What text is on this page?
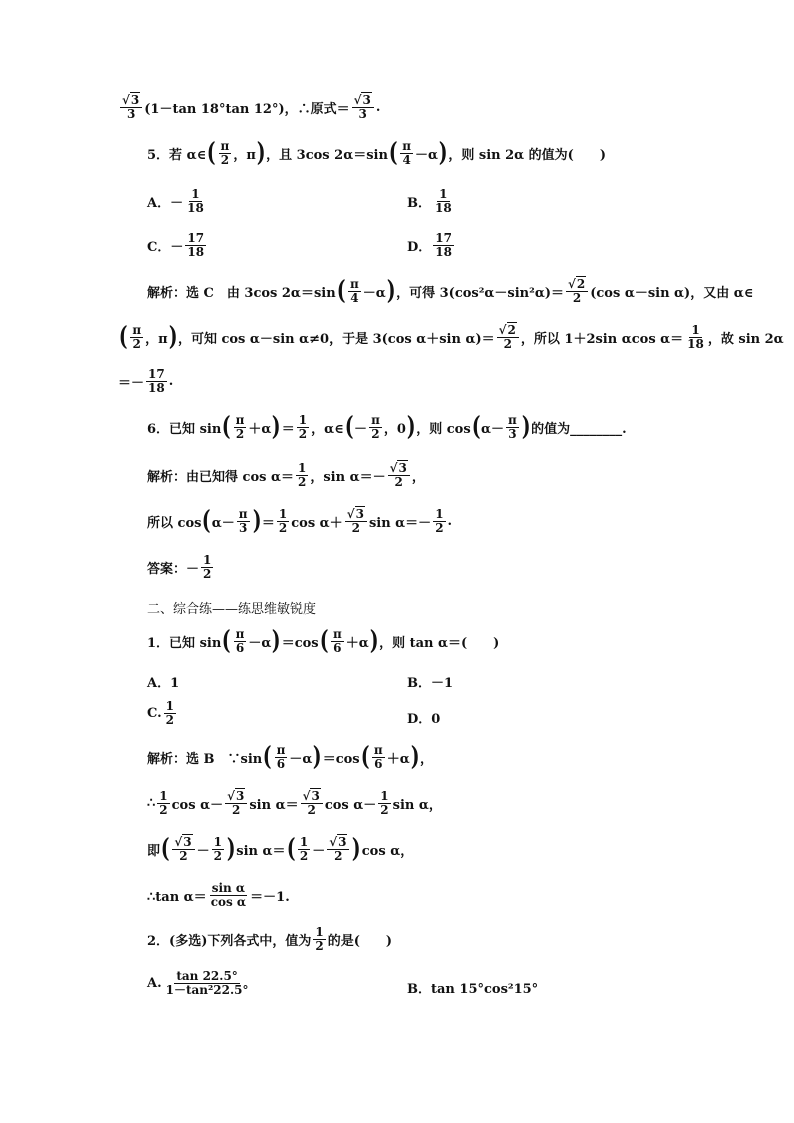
$\frac{√3}{3} (1-\tan$ 18°tan 12°)，∴原式＝ $\frac{√3}{3}$ .
5．若 α∈ ( $\frac{\pi}{2}$ ，π ) ，且 3cos 2α＝sin ( $\frac{\pi}{4} -\alpha$ ) ，则 sin 2α 的值为(　　)
A．－ $\frac{1}{18}$	B． $\frac{1}{18}$
C．－ $\frac{17}{18}$	D． $\frac{17}{18}$
解析： 选 C　由 3cos 2α＝sin ( $\frac{\pi}{4} -\alpha$ ) ，可得 $3(\cos^2\alpha-\sin^2\alpha)= \frac{√2}{2} (\cos$ α－sin α)，又由 α∈
( $\frac{\pi}{2}$ ，π ) ，可知 cos α－sin α≠0，于是 3(cos α＋sin $\alpha)= \frac{√2}{2}$ ，所以 1＋2sin αcos $\alpha= \frac{1}{18}$ ，故 sin 2α
＝－ $\frac{17}{18}$ .
6．已知 sin ( $\frac{\pi}{2} +\alpha$ ) ＝ $\frac{1}{2}$ ，α∈ ( － $\frac{\pi}{2}$ ，0 ) ，则 cos ( $\alpha- \frac{\pi}{3}$ ) 的值为________.
解析： 由已知得 $\cos \alpha= \frac{1}{2}$ ，$\sin \alpha=- \frac{√3}{2}$ ，
所以 cos ( $\alpha- \frac{\pi}{3}$ ) ＝ $\frac{1}{2}$ $\cos \alpha+ \frac{√3}{2}$ $\sin \alpha=- \frac{1}{2}$ .
答案： － $\frac{1}{2}$
二、综合练——练思维敏锐度
1．已知 sin ( $\frac{\pi}{6} -\alpha$ ) ＝cos ( $\frac{\pi}{6} +\alpha$ ) ，则 tan α＝(　　)
A．1	B．－1
C. $\frac{1}{2}$	D．0
解析： 选 B　∵sin ( $\frac{\pi}{6} -\alpha$ ) ＝cos ( $\frac{\pi}{6} +\alpha$ ) ，
∴ $\frac{1}{2}$ $\cos \alpha- \frac{√3}{2}$ $\sin \alpha= \frac{√3}{2}$ $\cos \alpha- \frac{1}{2}$ sin α，
即 ( $\frac{√3}{2} - \frac{1}{2}$ ) sin α＝ ( $\frac{1}{2} - \frac{√3}{2}$ ) cos α，
∴tan $\alpha= \frac{\text{sin α}}{\text{cos α}} =-1$.
2．(多选)下列各式中，值为 $\frac{1}{2}$ 的是(　　)
A. $\frac{\tan 22.5^\circ}{\text{1－tan²22.5°}}$	B．tan 15°cos²15°
